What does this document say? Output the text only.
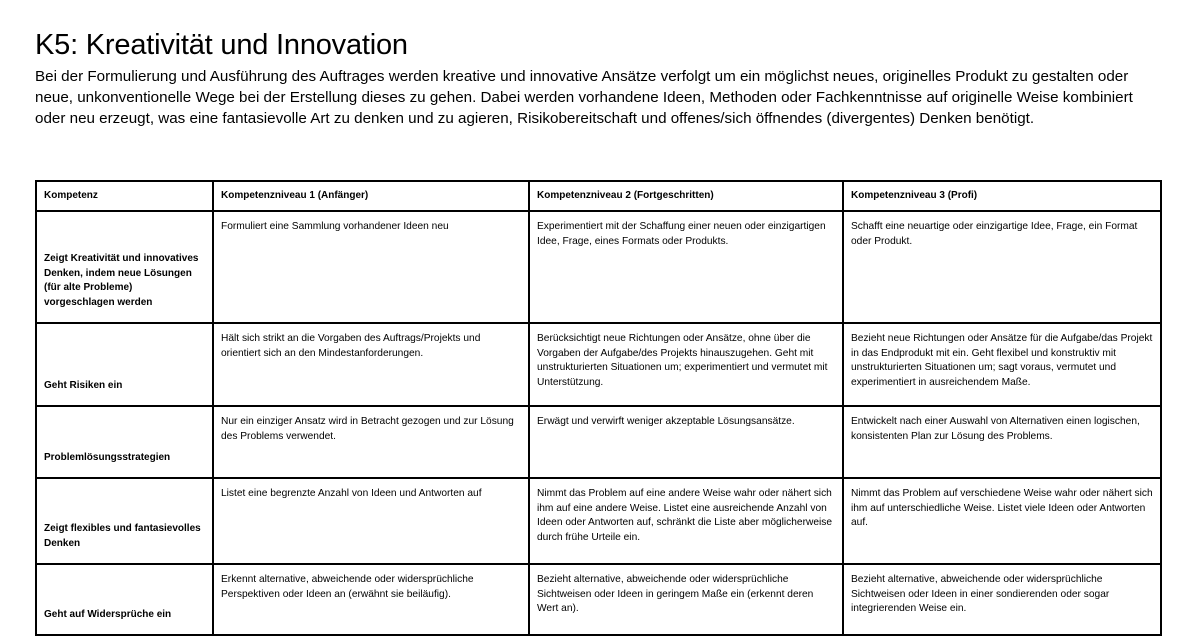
K5: Kreativität und Innovation

Bei der Formulierung und Ausführung des Auftrages werden kreative und innovative Ansätze verfolgt um ein möglichst neues, originelles Produkt zu gestalten oder neue, unkonventionelle Wege bei der Erstellung dieses zu gehen. Dabei werden vorhandene Ideen, Methoden oder Fachkenntnisse auf originelle Weise kombiniert oder neu erzeugt, was eine fantasievolle Art zu denken und zu agieren, Risikobereitschaft und offenes/sich öffnendes (divergentes) Denken benötigt.

Kompetenz	Kompetenzniveau 1 (Anfänger)	Kompetenzniveau 2 (Fortgeschritten)	Kompetenzniveau 3 (Profi)
Zeigt Kreativität und innovatives Denken, indem neue Lösungen (für alte Probleme) vorgeschlagen werden	Formuliert eine Sammlung vorhandener Ideen neu	Experimentiert mit der Schaffung einer neuen oder einzigartigen Idee, Frage, eines Formats oder Produkts.	Schafft eine neuartige oder einzigartige Idee, Frage, ein Format oder Produkt.
Geht Risiken ein	Hält sich strikt an die Vorgaben des Auftrags/Projekts und orientiert sich an den Mindestanforderungen.	Berücksichtigt neue Richtungen oder Ansätze, ohne über die Vorgaben der Aufgabe/des Projekts hinauszugehen. Geht mit unstrukturierten Situationen um; experimentiert und vermutet mit Unterstützung.	Bezieht neue Richtungen oder Ansätze für die Aufgabe/das Projekt in das Endprodukt mit ein. Geht flexibel und konstruktiv mit unstrukturierten Situationen um; sagt voraus, vermutet und experimentiert in ausreichendem Maße.
Problemlösungsstrategien	Nur ein einziger Ansatz wird in Betracht gezogen und zur Lösung des Problems verwendet.	Erwägt und verwirft weniger akzeptable Lösungsansätze.	Entwickelt nach einer Auswahl von Alternativen einen logischen, konsistenten Plan zur Lösung des Problems.
Zeigt flexibles und fantasievolles Denken	Listet eine begrenzte Anzahl von Ideen und Antworten auf	Nimmt das Problem auf eine andere Weise wahr oder nähert sich ihm auf eine andere Weise. Listet eine ausreichende Anzahl von Ideen oder Antworten auf, schränkt die Liste aber möglicherweise durch frühe Urteile ein.	Nimmt das Problem auf verschiedene Weise wahr oder nähert sich ihm auf unterschiedliche Weise. Listet viele Ideen oder Antworten auf.
Geht auf Widersprüche ein	Erkennt alternative, abweichende oder widersprüchliche Perspektiven oder Ideen an (erwähnt sie beiläufig).	Bezieht alternative, abweichende oder widersprüchliche Sichtweisen oder Ideen in geringem Maße ein (erkennt deren Wert an).	Bezieht alternative, abweichende oder widersprüchliche Sichtweisen oder Ideen in einer sondierenden oder sogar integrierenden Weise ein.
